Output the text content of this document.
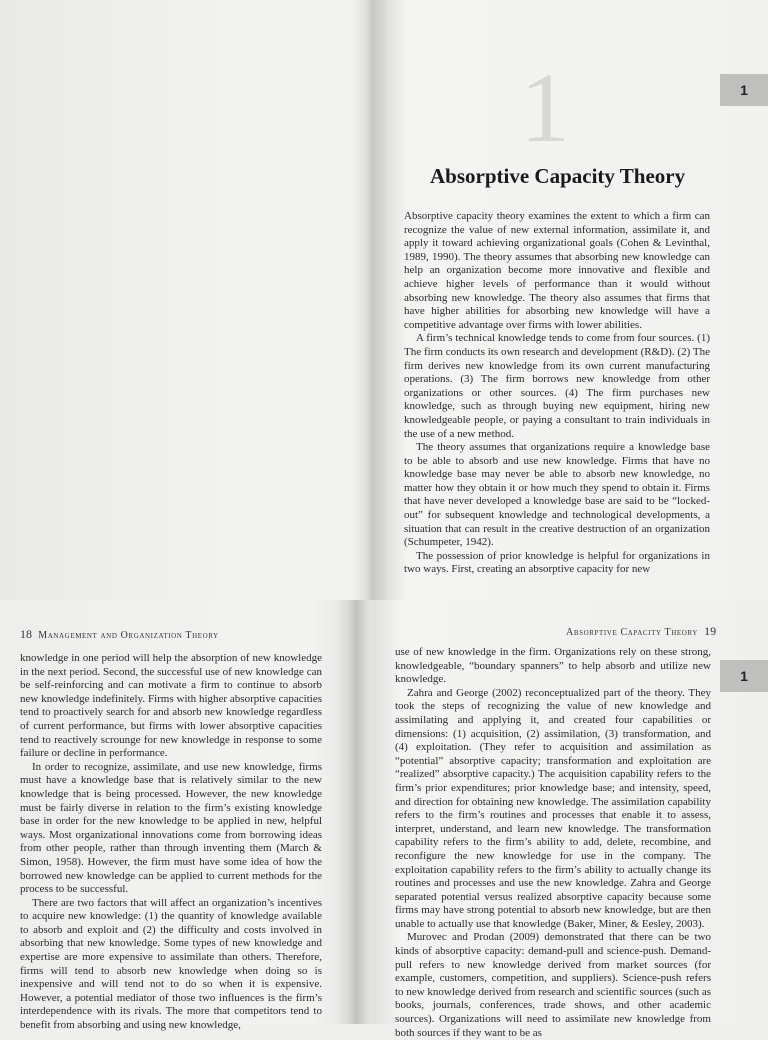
1
Absorptive Capacity Theory

Absorptive capacity theory examines the extent to which a firm can recognize the value of new external information, assimilate it, and apply it toward achieving organizational goals (Cohen & Levinthal, 1989, 1990). The theory assumes that absorbing new knowledge can help an organization become more innovative and flexible and achieve higher levels of performance than it would without absorbing new knowledge. The theory also assumes that firms that have higher abilities for absorbing new knowledge will have a competitive advantage over firms with lower abilities.

A firm’s technical knowledge tends to come from four sources. (1) The firm conducts its own research and development (R&D). (2) The firm derives new knowledge from its own current manufacturing operations. (3) The firm borrows new knowledge from other organizations or other sources. (4) The firm purchases new knowledge, such as through buying new equipment, hiring new knowledgeable people, or paying a consultant to train individuals in the use of a new method.

The theory assumes that organizations require a knowledge base to be able to absorb and use new knowledge. Firms that have no knowledge base may never be able to absorb new knowledge, no matter how they obtain it or how much they spend to obtain it. Firms that have never developed a knowledge base are said to be “locked-out” for subsequent knowledge and technological developments, a situation that can result in the creative destruction of an organization (Schumpeter, 1942).

The possession of prior knowledge is helpful for organizations in two ways. First, creating an absorptive capacity for new

1
18 Management and Organization Theory

knowledge in one period will help the absorption of new knowledge in the next period. Second, the successful use of new knowledge can be self-reinforcing and can motivate a firm to continue to absorb new knowledge indefinitely. Firms with higher absorptive capacities tend to proactively search for and absorb new knowledge regardless of current performance, but firms with lower absorptive capacities tend to reactively scrounge for new knowledge in response to some failure or decline in performance.

In order to recognize, assimilate, and use new knowledge, firms must have a knowledge base that is relatively similar to the new knowledge that is being processed. However, the new knowledge must be fairly diverse in relation to the firm’s existing knowledge base in order for the new knowledge to be applied in new, helpful ways. Most organizational innovations come from borrowing ideas from other people, rather than through inventing them (March & Simon, 1958). However, the firm must have some idea of how the borrowed new knowledge can be applied to current methods for the process to be successful.

There are two factors that will affect an organization’s incentives to acquire new knowledge: (1) the quantity of knowledge available to absorb and exploit and (2) the difficulty and costs involved in absorbing that new knowledge. Some types of new knowledge and expertise are more expensive to assimilate than others. Therefore, firms will tend to absorb new knowledge when doing so is inexpensive and will tend not to do so when it is expensive. However, a potential mediator of those two influences is the firm’s interdependence with its rivals. The more that competitors tend to benefit from absorbing and using new knowledge,

Absorptive Capacity Theory 19

use of new knowledge in the firm. Organizations rely on these strong, knowledgeable, “boundary spanners” to help absorb and utilize new knowledge.

Zahra and George (2002) reconceptualized part of the theory. They took the steps of recognizing the value of new knowledge and assimilating and applying it, and created four capabilities or dimensions: (1) acquisition, (2) assimilation, (3) transformation, and (4) exploitation. (They refer to acquisition and assimilation as “potential” absorptive capacity; transformation and exploitation are “realized” absorptive capacity.) The acquisition capability refers to the firm’s prior expenditures; prior knowledge base; and intensity, speed, and direction for obtaining new knowledge. The assimilation capability refers to the firm’s routines and processes that enable it to assess, interpret, understand, and learn new knowledge. The transformation capability refers to the firm’s ability to add, delete, recombine, and reconfigure the new knowledge for use in the company. The exploitation capability refers to the firm’s ability to actually change its routines and processes and use the new knowledge. Zahra and George separated potential versus realized absorptive capacity because some firms may have strong potential to absorb new knowledge, but are then unable to actually use that knowledge (Baker, Miner, & Eesley, 2003).

Murovec and Prodan (2009) demonstrated that there can be two kinds of absorptive capacity: demand-pull and science-push. Demand-pull refers to new knowledge derived from market sources (for example, customers, competition, and suppliers). Science-push refers to new knowledge derived from research and scientific sources (such as books, journals, conferences, trade shows, and other academic sources). Organizations will need to assimilate new knowledge from both sources if they want to be as

1
